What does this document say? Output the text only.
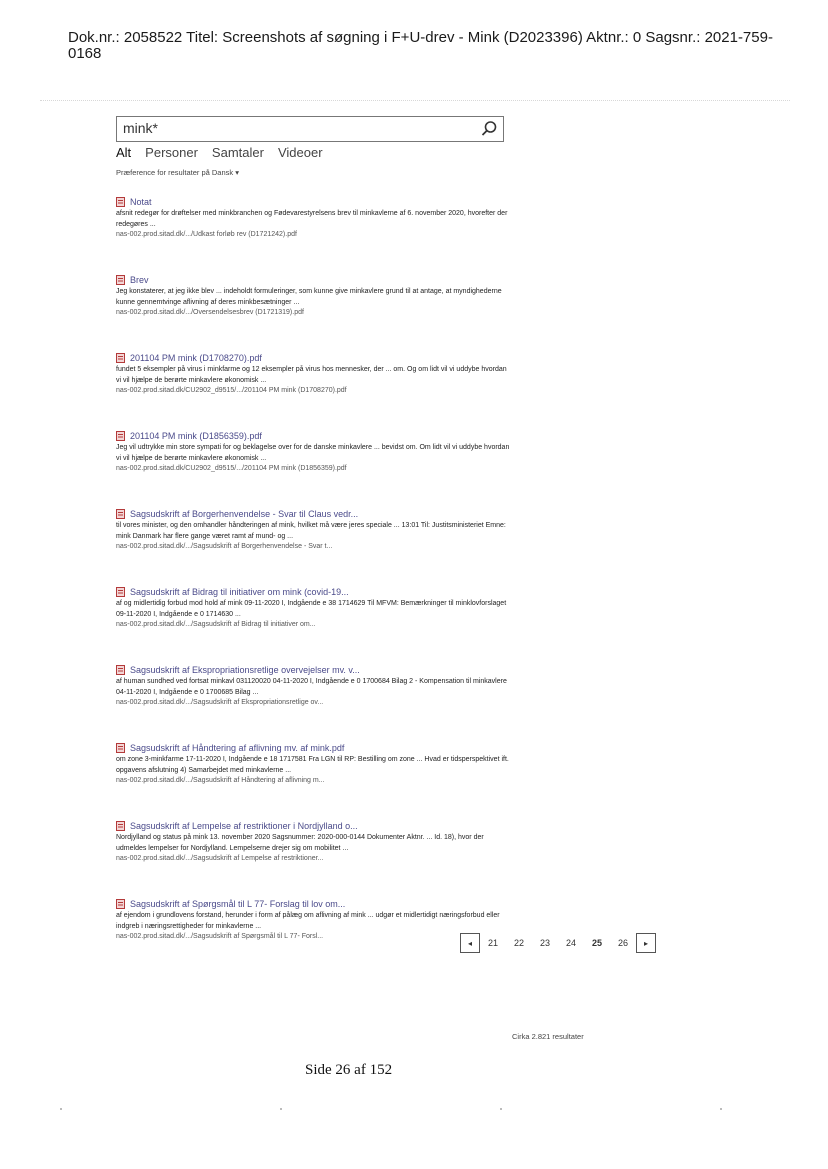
Dok.nr.: 2058522 Titel: Screenshots af søgning i F+U-drev - Mink (D2023396) Aktnr.: 0 Sagsnr.: 2021-759-0168
mink*
Alt Personer Samtaler Videoer
Præference for resultater på Dansk ▾
Notat
afsnit redegør for drøftelser med minkbranchen og Fødevarestyrelsens brev til minkavlerne af 6. november 2020, hvorefter der redegøres ...
nas-002.prod.sitad.dk/.../Udkast forløb rev (D1721242).pdf
Brev
Jeg konstaterer, at jeg ikke blev ... indeholdt formuleringer, som kunne give minkavlere grund til at antage, at myndighederne kunne gennemtvinge aflivning af deres minkbesætninger ...
nas-002.prod.sitad.dk/.../Oversendelsesbrev (D1721319).pdf
201104 PM mink (D1708270).pdf
fundet 5 eksempler på virus i minkfarme og 12 eksempler på virus hos mennesker, der ... om. Og om lidt vil vi uddybe hvordan vi vil hjælpe de berørte minkavlere økonomisk ...
nas-002.prod.sitad.dk/CU2902_d9515/.../201104 PM mink (D1708270).pdf
201104 PM mink (D1856359).pdf
Jeg vil udtrykke min store sympati for og beklagelse over for de danske minkavlere ... bevidst om. Om lidt vil vi uddybe hvordan vi vil hjælpe de berørte minkavlere økonomisk ...
nas-002.prod.sitad.dk/CU2902_d9515/.../201104 PM mink (D1856359).pdf
Sagsudskrift af Borgerhenvendelse - Svar til Claus vedr...
til vores minister, og den omhandler håndteringen af mink, hvilket må være jeres speciale ... 13:01 Til: Justitsministeriet Emne: mink Danmark har flere gange været ramt af mund- og ...
nas-002.prod.sitad.dk/.../Sagsudskrift af Borgerhenvendelse - Svar t...
Sagsudskrift af Bidrag til initiativer om mink (covid-19...
af og midlertidig forbud mod hold af mink 09-11-2020 I, Indgående e 38 1714629 Til MFVM: Bemærkninger til minklovforslaget 09-11-2020 I, Indgående e 0 1714630 ...
nas-002.prod.sitad.dk/.../Sagsudskrift af Bidrag til initiativer om...
Sagsudskrift af Ekspropriationsretlige overvejelser mv. v...
af human sundhed ved fortsat minkavl 031120020 04-11-2020 I, Indgående e 0 1700684 Bilag 2 - Kompensation til minkavlere 04-11-2020 I, Indgående e 0 1700685 Bilag ...
nas-002.prod.sitad.dk/.../Sagsudskrift af Ekspropriationsretlige ov...
Sagsudskrift af Håndtering af aflivning mv. af mink.pdf
om zone 3-minkfarme 17-11-2020 I, Indgående e 18 1717581 Fra LGN til RP: Bestilling om zone ... Hvad er tidsperspektivet ift. opgavens afslutning 4) Samarbejdet med minkavlerne ...
nas-002.prod.sitad.dk/.../Sagsudskrift af Håndtering af aflivning m...
Sagsudskrift af Lempelse af restriktioner i Nordjylland o...
Nordjylland og status på mink 13. november 2020 Sagsnummer: 2020-000-0144 Dokumenter Aktnr. ... Id. 18), hvor der udmeldes lempelser for Nordjylland. Lempelserne drejer sig om mobilitet ...
nas-002.prod.sitad.dk/.../Sagsudskrift af Lempelse af restriktioner...
Sagsudskrift af Spørgsmål til L 77- Forslag til lov om...
af ejendom i grundlovens forstand, herunder i form af pålæg om aflivning af mink ... udgør et midlertidigt næringsforbud eller indgreb i næringsrettigheder for minkavlerne ...
nas-002.prod.sitad.dk/.../Sagsudskrift af Spørgsmål til L 77- Forsl...
◂	21	22	23	24	25	26	▸
Cirka 2.821 resultater
Side 26 af 152
